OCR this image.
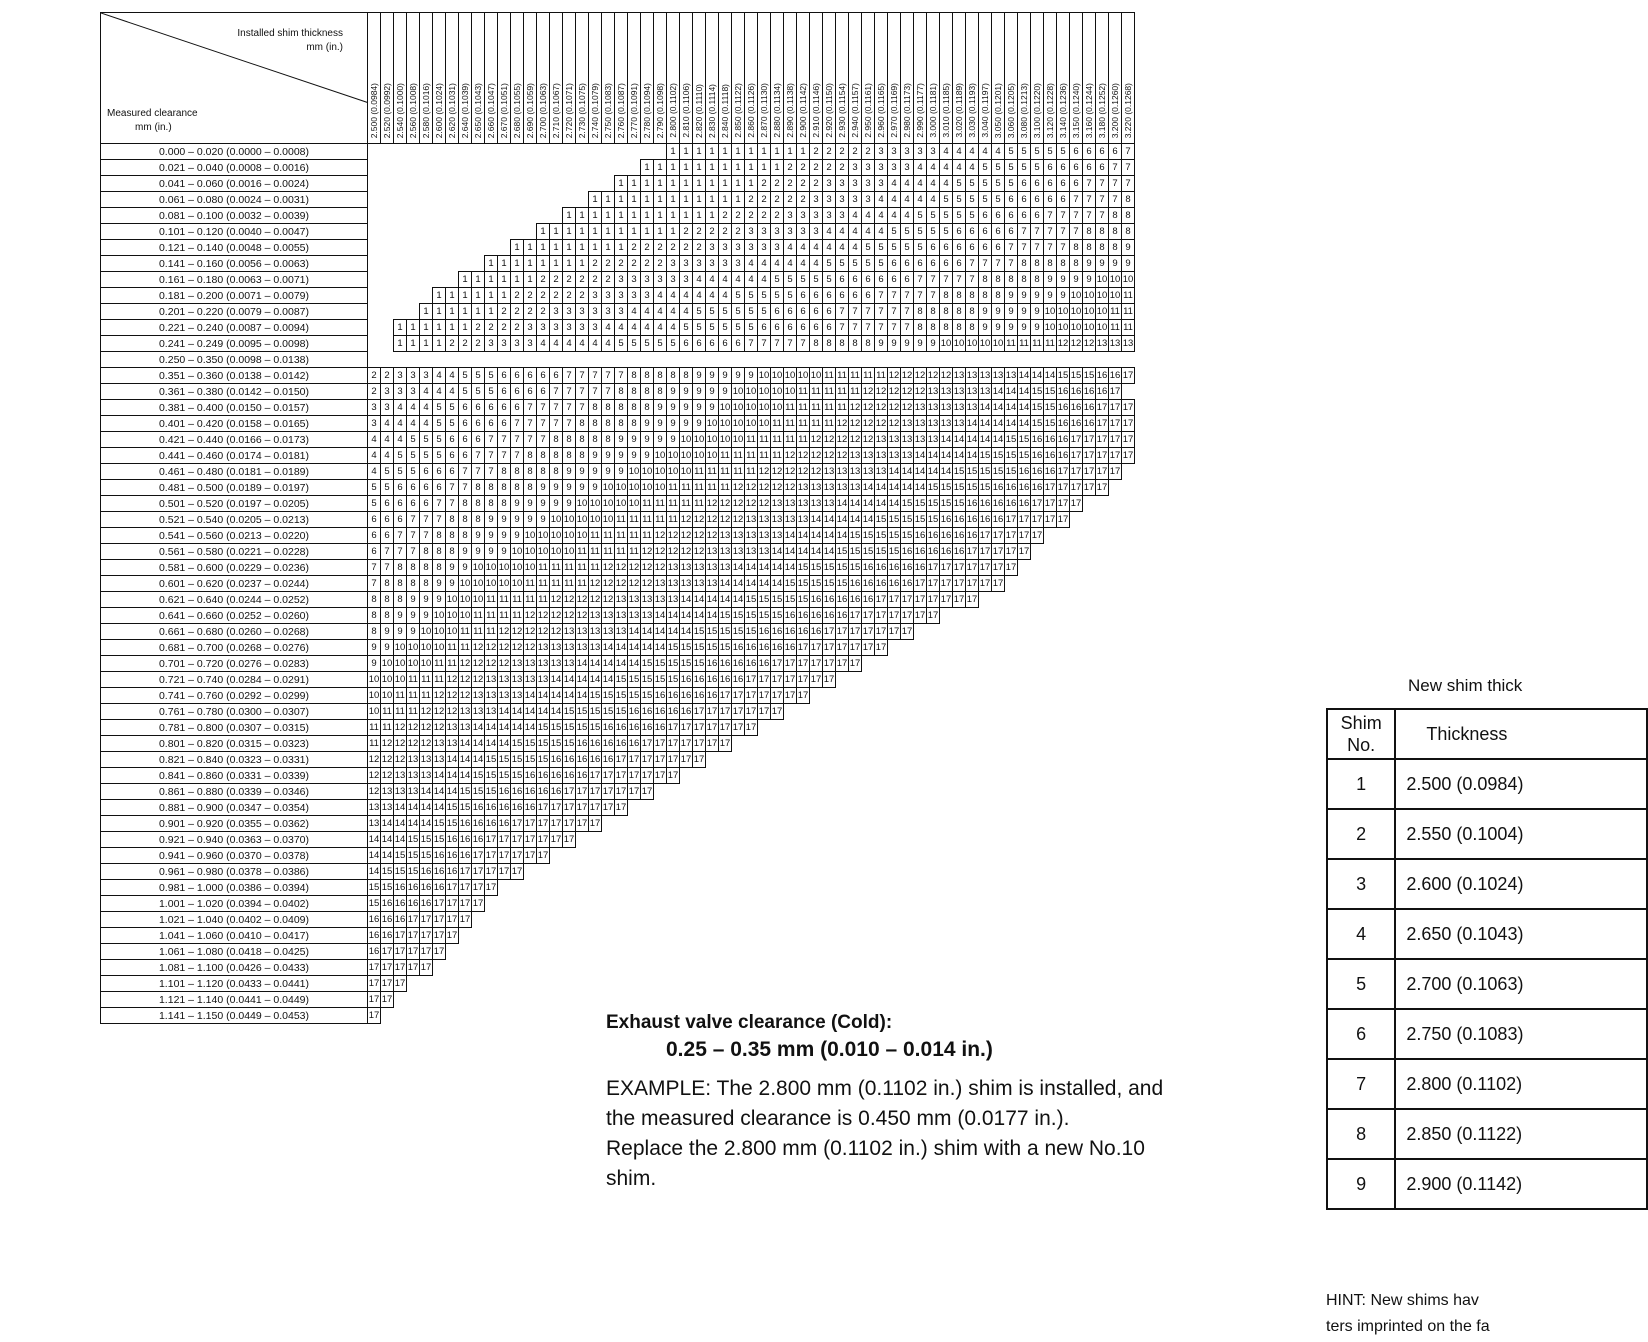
Installed shim thickness
mm (in.)
Measured clearance
mm (in.)	2.500 (0.0984)	2.520 (0.0992)	2.540 (0.1000)	2.560 (0.1008)	2.580 (0.1016)	2.600 (0.1024)	2.620 (0.1031)	2.640 (0.1039)	2.650 (0.1043)	2.660 (0.1047)	2.670 (0.1051)	2.680 (0.1055)	2.690 (0.1059)	2.700 (0.1063)	2.710 (0.1067)	2.720 (0.1071)	2.730 (0.1075)	2.740 (0.1079)	2.750 (0.1083)	2.760 (0.1087)	2.770 (0.1091)	2.780 (0.1094)	2.790 (0.1098)	2.800 (0.1102)	2.810 (0.1106)	2.820 (0.1110)	2.830 (0.1114)	2.840 (0.1118)	2.850 (0.1122)	2.860 (0.1126)	2.870 (0.1130)	2.880 (0.1134)	2.890 (0.1138)	2.900 (0.1142)	2.910 (0.1146)	2.920 (0.1150)	2.930 (0.1154)	2.940 (0.1157)	2.950 (0.1161)	2.960 (0.1165)	2.970 (0.1169)	2.980 (0.1173)	2.990 (0.1177)	3.000 (0.1181)	3.010 (0.1185)	3.020 (0.1189)	3.030 (0.1193)	3.040 (0.1197)	3.050 (0.1201)	3.060 (0.1205)	3.080 (0.1213)	3.100 (0.1220)	3.120 (0.1228)	3.140 (0.1236)	3.150 (0.1240)	3.160 (0.1244)	3.180 (0.1252)	3.200 (0.1260)	3.220 (0.1268)
0.000 – 0.020 (0.0000 – 0.0008)																								1	1	1	1	1	1	1	1	1	1	1	2	2	2	2	2	3	3	3	3	3	4	4	4	4	4	5	5	5	5	5	6	6	6	6	7
0.021 – 0.040 (0.0008 – 0.0016)																						1	1	1	1	1	1	1	1	1	1	1	2	2	2	2	2	3	3	3	3	3	4	4	4	4	4	5	5	5	5	5	6	6	6	6	6	7	7
0.041 – 0.060 (0.0016 – 0.0024)																				1	1	1	1	1	1	1	1	1	1	1	2	2	2	2	2	3	3	3	3	3	4	4	4	4	4	5	5	5	5	5	6	6	6	6	6	7	7	7	7
0.061 – 0.080 (0.0024 – 0.0031)																		1	1	1	1	1	1	1	1	1	1	1	1	2	2	2	2	2	3	3	3	3	3	4	4	4	4	4	5	5	5	5	5	6	6	6	6	6	7	7	7	7	8
0.081 – 0.100 (0.0032 – 0.0039)																1	1	1	1	1	1	1	1	1	1	1	1	2	2	2	2	2	3	3	3	3	3	4	4	4	4	4	5	5	5	5	5	6	6	6	6	6	7	7	7	7	7	8	8
0.101 – 0.120 (0.0040 – 0.0047)														1	1	1	1	1	1	1	1	1	1	1	2	2	2	2	2	3	3	3	3	3	3	4	4	4	4	4	5	5	5	5	5	6	6	6	6	6	7	7	7	7	7	8	8	8	8
0.121 – 0.140 (0.0048 – 0.0055)												1	1	1	1	1	1	1	1	1	2	2	2	2	2	2	3	3	3	3	3	3	4	4	4	4	4	4	5	5	5	5	5	6	6	6	6	6	6	7	7	7	7	7	8	8	8	8	9
0.141 – 0.160 (0.0056 – 0.0063)										1	1	1	1	1	1	1	1	2	2	2	2	2	2	3	3	3	3	3	3	4	4	4	4	4	4	5	5	5	5	5	6	6	6	6	6	6	7	7	7	7	8	8	8	8	8	9	9	9	9
0.161 – 0.180 (0.0063 – 0.0071)								1	1	1	1	1	1	2	2	2	2	2	2	3	3	3	3	3	3	4	4	4	4	4	4	5	5	5	5	5	6	6	6	6	6	6	7	7	7	7	7	8	8	8	8	8	9	9	9	9	10	10	10
0.181 – 0.200 (0.0071 – 0.0079)						1	1	1	1	1	1	2	2	2	2	2	2	3	3	3	3	3	4	4	4	4	4	4	5	5	5	5	5	6	6	6	6	6	6	7	7	7	7	7	8	8	8	8	8	9	9	9	9	9	10	10	10	10	11
0.201 – 0.220 (0.0079 – 0.0087)					1	1	1	1	1	1	2	2	2	2	3	3	3	3	3	3	4	4	4	4	4	5	5	5	5	5	5	6	6	6	6	6	7	7	7	7	7	7	8	8	8	8	8	9	9	9	9	9	10	10	10	10	10	11	11
0.221 – 0.240 (0.0087 – 0.0094)			1	1	1	1	1	1	2	2	2	2	3	3	3	3	3	3	4	4	4	4	4	4	5	5	5	5	5	5	6	6	6	6	6	6	7	7	7	7	7	7	8	8	8	8	8	9	9	9	9	9	10	10	10	10	10	11	11
0.241 – 0.249 (0.0095 – 0.0098)			1	1	1	1	2	2	2	3	3	3	3	4	4	4	4	4	4	5	5	5	5	5	6	6	6	6	6	7	7	7	7	7	8	8	8	8	8	9	9	9	9	9	10	10	10	10	10	11	11	11	11	12	12	12	13	13	13
0.250 – 0.350 (0.0098 – 0.0138)																																																											
0.351 – 0.360 (0.0138 – 0.0142)	2	2	3	3	3	4	4	5	5	5	6	6	6	6	6	7	7	7	7	7	8	8	8	8	8	9	9	9	9	9	10	10	10	10	10	11	11	11	11	11	12	12	12	12	12	13	13	13	13	13	14	14	14	15	15	15	16	16	17
0.361 – 0.380 (0.0142 – 0.0150)	2	3	3	3	4	4	4	5	5	5	6	6	6	6	7	7	7	7	7	8	8	8	8	9	9	9	9	9	10	10	10	10	10	11	11	11	11	11	12	12	12	12	12	13	13	13	13	13	14	14	14	15	15	16	16	16	16	17	
0.381 – 0.400 (0.0150 – 0.0157)	3	3	4	4	4	5	5	6	6	6	6	6	7	7	7	7	7	8	8	8	8	8	9	9	9	9	9	10	10	10	10	10	11	11	11	11	11	12	12	12	12	12	13	13	13	13	13	14	14	14	14	15	15	16	16	16	17	17	17
0.401 – 0.420 (0.0158 – 0.0165)	3	4	4	4	4	5	5	6	6	6	6	7	7	7	7	7	8	8	8	8	8	9	9	9	9	9	10	10	10	10	10	11	11	11	11	11	12	12	12	12	12	13	13	13	13	13	14	14	14	14	14	15	15	16	16	16	17	17	17
0.421 – 0.440 (0.0166 – 0.0173)	4	4	4	5	5	5	6	6	6	7	7	7	7	7	8	8	8	8	8	9	9	9	9	9	10	10	10	10	10	11	11	11	11	11	12	12	12	12	12	13	13	13	13	13	14	14	14	14	14	15	15	16	16	16	17	17	17	17	17
0.441 – 0.460 (0.0174 – 0.0181)	4	4	5	5	5	5	6	6	7	7	7	7	8	8	8	8	8	9	9	9	9	9	10	10	10	10	10	11	11	11	11	11	12	12	12	12	12	13	13	13	13	13	14	14	14	14	14	15	15	15	15	16	16	16	17	17	17	17	17
0.461 – 0.480 (0.0181 – 0.0189)	4	5	5	5	6	6	6	7	7	7	8	8	8	8	8	9	9	9	9	9	10	10	10	10	10	11	11	11	11	11	12	12	12	12	12	13	13	13	13	13	14	14	14	14	14	15	15	15	15	15	16	16	16	17	17	17	17	17	
0.481 – 0.500 (0.0189 – 0.0197)	5	5	6	6	6	6	7	7	8	8	8	8	8	9	9	9	9	9	10	10	10	10	10	11	11	11	11	11	12	12	12	12	12	13	13	13	13	13	14	14	14	14	14	15	15	15	15	15	16	16	16	16	17	17	17	17	17		
0.501 – 0.520 (0.0197 – 0.0205)	5	6	6	6	6	7	7	8	8	8	8	9	9	9	9	9	10	10	10	10	10	11	11	11	11	11	12	12	12	12	12	13	13	13	13	13	14	14	14	14	14	15	15	15	15	15	16	16	16	16	16	17	17	17	17				
0.521 – 0.540 (0.0205 – 0.0213)	6	6	6	7	7	7	8	8	8	9	9	9	9	9	10	10	10	10	10	11	11	11	11	11	12	12	12	12	12	13	13	13	13	13	14	14	14	14	14	15	15	15	15	15	16	16	16	16	16	17	17	17	17	17					
0.541 – 0.560 (0.0213 – 0.0220)	6	6	7	7	7	8	8	8	9	9	9	9	10	10	10	10	10	11	11	11	11	11	12	12	12	12	12	13	13	13	13	13	14	14	14	14	14	15	15	15	15	15	16	16	16	16	16	17	17	17	17	17							
0.561 – 0.580 (0.0221 – 0.0228)	6	7	7	7	8	8	8	9	9	9	9	10	10	10	10	10	11	11	11	11	11	12	12	12	12	12	13	13	13	13	13	14	14	14	14	14	15	15	15	15	15	16	16	16	16	16	17	17	17	17	17								
0.581 – 0.600 (0.0229 – 0.0236)	7	7	8	8	8	8	9	9	10	10	10	10	10	11	11	11	11	11	12	12	12	12	12	13	13	13	13	13	14	14	14	14	14	15	15	15	15	15	16	16	16	16	16	17	17	17	17	17	17	17									
0.601 – 0.620 (0.0237 – 0.0244)	7	8	8	8	8	9	9	10	10	10	10	10	11	11	11	11	11	12	12	12	12	12	13	13	13	13	13	14	14	14	14	14	15	15	15	15	15	16	16	16	16	16	17	17	17	17	17	17	17										
0.621 – 0.640 (0.0244 – 0.0252)	8	8	8	9	9	9	10	10	10	11	11	11	11	11	12	12	12	12	12	13	13	13	13	13	14	14	14	14	14	15	15	15	15	15	16	16	16	16	16	17	17	17	17	17	17	17	17												
0.641 – 0.660 (0.0252 – 0.0260)	8	8	9	9	9	10	10	10	11	11	11	11	12	12	12	12	12	13	13	13	13	13	14	14	14	14	14	15	15	15	15	15	16	16	16	16	16	17	17	17	17	17	17	17															
0.661 – 0.680 (0.0260 – 0.0268)	8	9	9	9	10	10	10	11	11	11	12	12	12	12	12	13	13	13	13	13	14	14	14	14	14	15	15	15	15	15	16	16	16	16	16	17	17	17	17	17	17	17																	
0.681 – 0.700 (0.0268 – 0.0276)	9	9	10	10	10	10	11	11	12	12	12	12	12	13	13	13	13	13	14	14	14	14	14	15	15	15	15	15	16	16	16	16	16	17	17	17	17	17	17	17																			
0.701 – 0.720 (0.0276 – 0.0283)	9	10	10	10	10	11	11	12	12	12	12	13	13	13	13	13	14	14	14	14	14	15	15	15	15	15	16	16	16	16	16	17	17	17	17	17	17	17																					
0.721 – 0.740 (0.0284 – 0.0291)	10	10	10	11	11	11	12	12	12	13	13	13	13	13	14	14	14	14	14	15	15	15	15	15	16	16	16	16	16	17	17	17	17	17	17	17																							
0.741 – 0.760 (0.0292 – 0.0299)	10	10	11	11	11	12	12	12	13	13	13	13	14	14	14	14	14	15	15	15	15	15	16	16	16	16	16	17	17	17	17	17	17	17																									
0.761 – 0.780 (0.0300 – 0.0307)	10	11	11	11	12	12	12	13	13	13	14	14	14	14	14	15	15	15	15	15	16	16	16	16	16	17	17	17	17	17	17	17																											
0.781 – 0.800 (0.0307 – 0.0315)	11	11	12	12	12	12	13	13	14	14	14	14	14	15	15	15	15	15	16	16	16	16	16	17	17	17	17	17	17	17																													
0.801 – 0.820 (0.0315 – 0.0323)	11	12	12	12	12	13	13	14	14	14	14	15	15	15	15	15	16	16	16	16	16	17	17	17	17	17	17	17																															
0.821 – 0.840 (0.0323 – 0.0331)	12	12	12	13	13	13	14	14	14	15	15	15	15	15	16	16	16	16	16	17	17	17	17	17	17	17																																	
0.841 – 0.860 (0.0331 – 0.0339)	12	12	13	13	13	14	14	14	15	15	15	15	16	16	16	16	16	17	17	17	17	17	17	17																																			
0.861 – 0.880 (0.0339 – 0.0346)	12	13	13	13	14	14	14	15	15	15	16	16	16	16	16	17	17	17	17	17	17	17																																					
0.881 – 0.900 (0.0347 – 0.0354)	13	13	14	14	14	14	15	15	16	16	16	16	16	17	17	17	17	17	17	17																																							
0.901 – 0.920 (0.0355 – 0.0362)	13	14	14	14	14	15	15	16	16	16	16	17	17	17	17	17	17	17																																									
0.921 – 0.940 (0.0363 – 0.0370)	14	14	14	15	15	15	16	16	16	17	17	17	17	17	17	17																																											
0.941 – 0.960 (0.0370 – 0.0378)	14	14	15	15	15	16	16	16	17	17	17	17	17	17																																													
0.961 – 0.980 (0.0378 – 0.0386)	14	15	15	15	16	16	16	17	17	17	17	17																																															
0.981 – 1.000 (0.0386 – 0.0394)	15	15	16	16	16	16	17	17	17	17																																																	
1.001 – 1.020 (0.0394 – 0.0402)	15	16	16	16	16	17	17	17	17																																																		
1.021 – 1.040 (0.0402 – 0.0409)	16	16	16	17	17	17	17	17																																																			
1.041 – 1.060 (0.0410 – 0.0417)	16	16	17	17	17	17	17																																																				
1.061 – 1.080 (0.0418 – 0.0425)	16	17	17	17	17	17																																																					
1.081 – 1.100 (0.0426 – 0.0433)	17	17	17	17	17																																																						
1.101 – 1.120 (0.0433 – 0.0441)	17	17	17																																																								
1.121 – 1.140 (0.0441 – 0.0449)	17	17																																																									
1.141 – 1.150 (0.0449 – 0.0453)	17																																																											Exhaust valve clearance (Cold):
0.25 – 0.35 mm (0.010 – 0.014 in.)
EXAMPLE: The 2.800 mm (0.1102 in.) shim is installed, and
the measured clearance is 0.450 mm (0.0177 in.).
Replace the 2.800 mm (0.1102 in.) shim with a new No.10
shim.
New shim thick
Shim No.	Thickness
1	2.500 (0.0984)
2	2.550 (0.1004)
3	2.600 (0.1024)
4	2.650 (0.1043)
5	2.700 (0.1063)
6	2.750 (0.1083)
7	2.800 (0.1102)
8	2.850 (0.1122)
9	2.900 (0.1142)
HINT: New shims hav
ters imprinted on the fa
